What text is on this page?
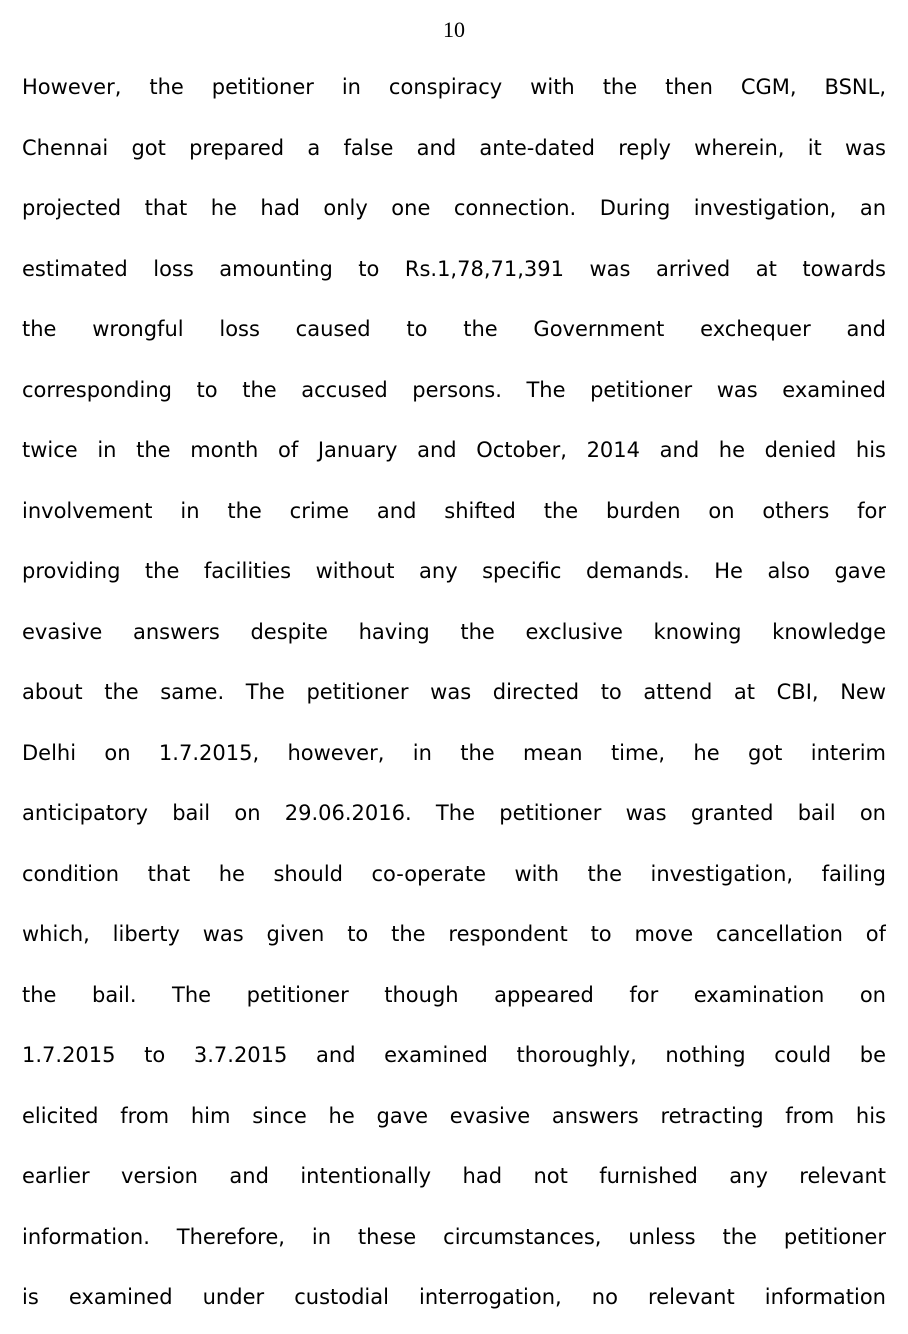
10
However, the petitioner in conspiracy with the then CGM, BSNL,
Chennai got prepared a false and ante-dated reply wherein, it was
projected that he had only one connection. During investigation, an
estimated loss amounting to Rs.1,78,71,391 was arrived at towards
the wrongful loss caused to the Government exchequer and
corresponding to the accused persons. The petitioner was examined
twice in the month of January and October, 2014 and he denied his
involvement in the crime and shifted the burden on others for
providing the facilities without any specific demands. He also gave
evasive answers despite having the exclusive knowing knowledge
about the same. The petitioner was directed to attend at CBI, New
Delhi on 1.7.2015, however, in the mean time, he got interim
anticipatory bail on 29.06.2016. The petitioner was granted bail on
condition that he should co-operate with the investigation, failing
which, liberty was given to the respondent to move cancellation of
the bail. The petitioner though appeared for examination on
1.7.2015 to 3.7.2015 and examined thoroughly, nothing could be
elicited from him since he gave evasive answers retracting from his
earlier version and intentionally had not furnished any relevant
information. Therefore, in these circumstances, unless the petitioner
is examined under custodial interrogation, no relevant information
